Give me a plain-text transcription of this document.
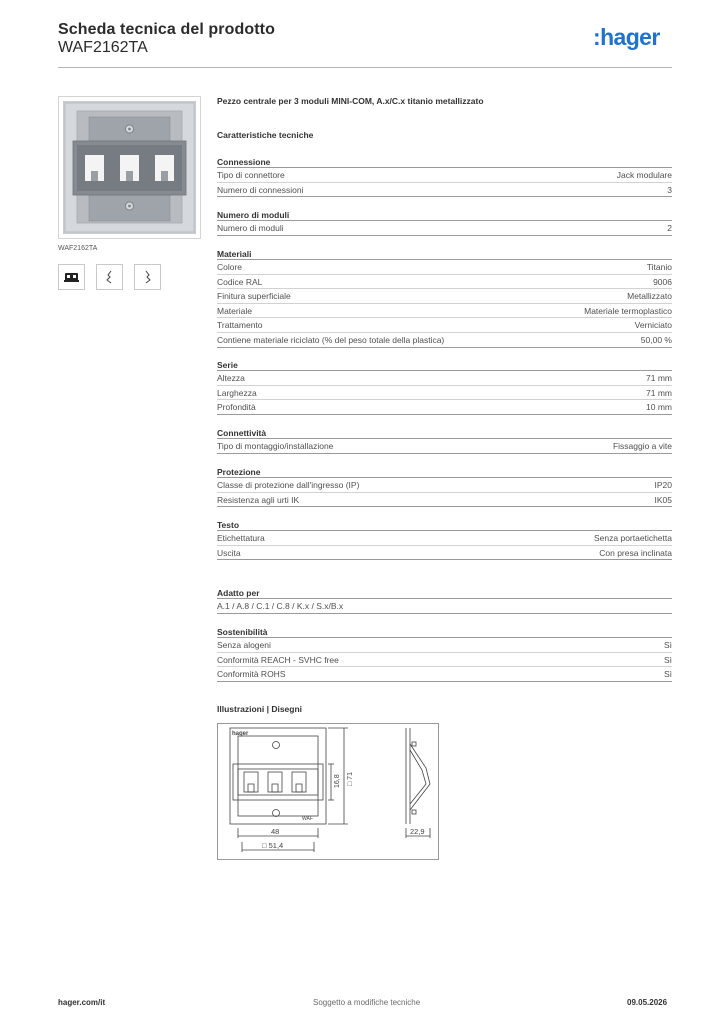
Scheda tecnica del prodotto
WAF2162TA	:hager
WAF2162TA
Pezzo centrale per 3 moduli MINI-COM, A.x/C.x titanio metallizzato
Caratteristiche tecniche
Connessione
Tipo di connettore	Jack modulare
Numero di connessioni	3
Numero di moduli
Numero di moduli	2
Materiali
Colore	Titanio
Codice RAL	9006
Finitura superficiale	Metallizzato
Materiale	Materiale termoplastico
Trattamento	Verniciato
Contiene materiale riciclato (% del peso totale della plastica)	50,00 %
Serie
Altezza	71 mm
Larghezza	71 mm
Profondità	10 mm
Connettività
Tipo di montaggio/installazione	Fissaggio a vite
Protezione
Classe di protezione dall'ingresso (IP)	IP20
Resistenza agli urti IK	IK05
Testo
Etichettatura	Senza portaetichetta
Uscita	Con presa inclinata
Adatto per
A.1 / A.8 / C.1 / C.8 / K.x / S.x/B.x
Sostenibilità
Senza alogeni	Sì
Conformità REACH - SVHC free	Sì
Conformità ROHS	Sì
Illustrazioni | Disegni
hager
WAF
16,8 □ 71
48
□ 51,4
22,9
hager.com/it	Soggetto a modifiche tecniche	09.05.2026
